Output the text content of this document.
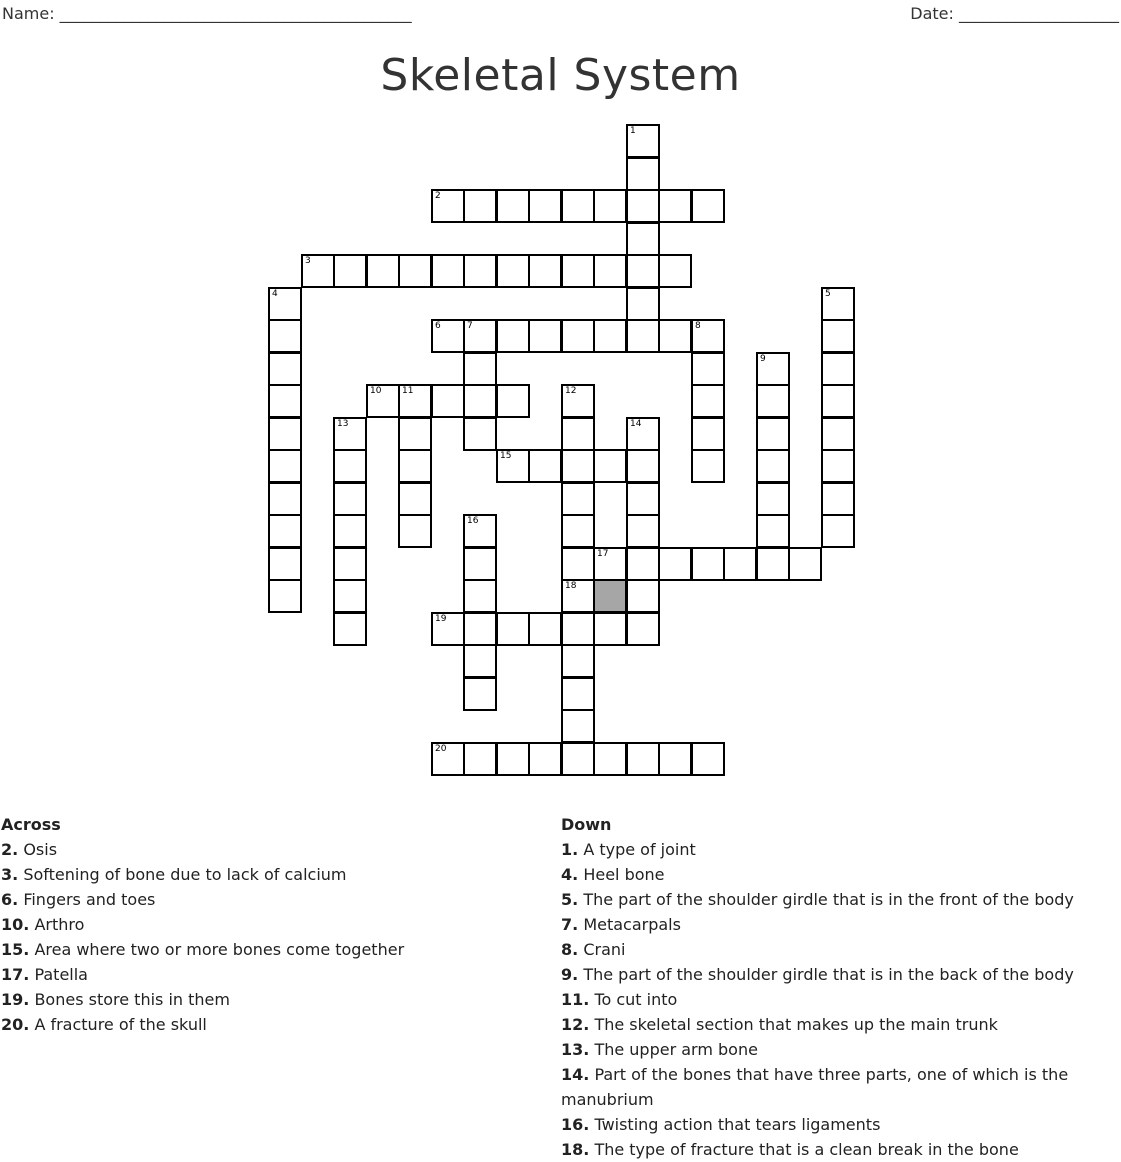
Name: ____________________________________________	Date: ____________________
Skeletal System
1
2
3
4	5
6	7	8
9
10 11	12
18
13	14
15
16
17
19
20
Across
2. Osis
3. Softening of bone due to lack of calcium
6. Fingers and toes
10. Arthro
15. Area where two or more bones come together
17. Patella
19. Bones store this in them
20. A fracture of the skull
Down
1. A type of joint
4. Heel bone
5. The part of the shoulder girdle that is in the front of the body
7. Metacarpals
8. Crani
9. The part of the shoulder girdle that is in the back of the body
11. To cut into
12. The skeletal section that makes up the main trunk
13. The upper arm bone
14. Part of the bones that have three parts, one of which is the manubrium
16. Twisting action that tears ligaments
18. The type of fracture that is a clean break in the bone
